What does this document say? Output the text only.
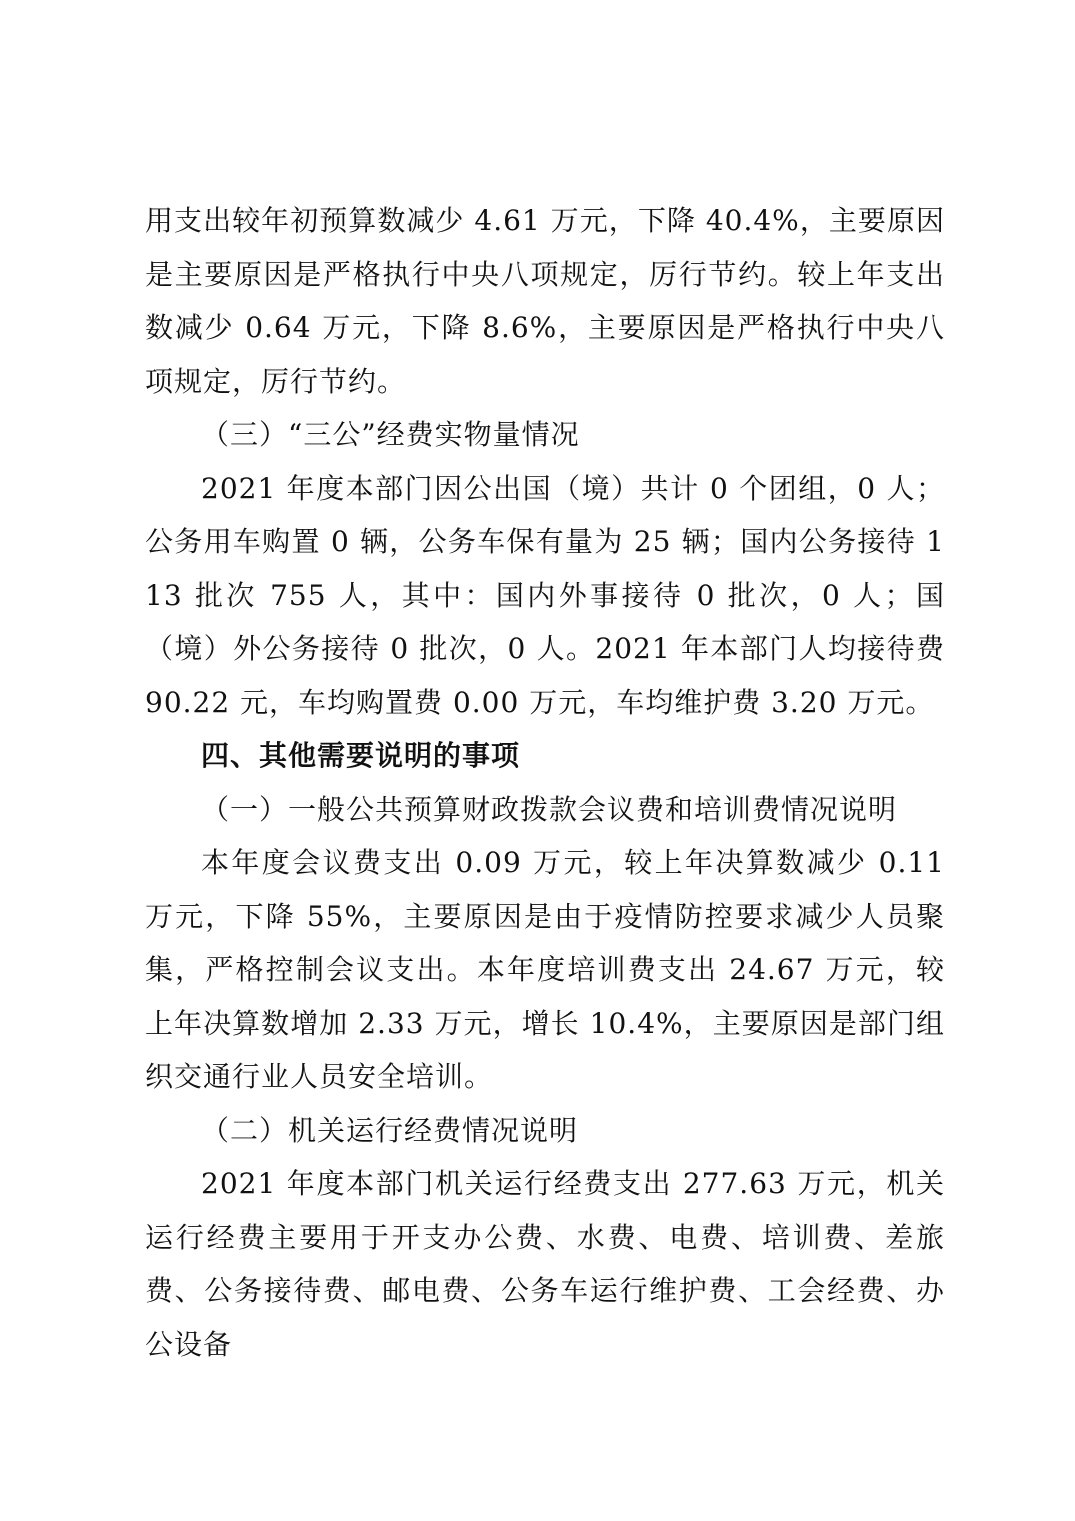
用支出较年初预算数减少 4.61 万元，下降 40.4%，主要原因是主要原因是严格执行中央八项规定，厉行节约。较上年支出数减少 0.64 万元，下降 8.6%，主要原因是严格执行中央八项规定，厉行节约。

（三）“三公”经费实物量情况

2021 年度本部门因公出国（境）共计 0 个团组，0 人；公务用车购置 0 辆，公务车保有量为 25 辆；国内公务接待 113 批次 755 人，其中：国内外事接待 0 批次，0 人；国（境）外公务接待 0 批次，0 人。2021 年本部门人均接待费 90.22 元，车均购置费 0.00 万元，车均维护费 3.20 万元。

四、其他需要说明的事项

（一）一般公共预算财政拨款会议费和培训费情况说明

本年度会议费支出 0.09 万元，较上年决算数减少 0.11 万元，下降 55%，主要原因是由于疫情防控要求减少人员聚集，严格控制会议支出。本年度培训费支出 24.67 万元，较上年决算数增加 2.33 万元，增长 10.4%，主要原因是部门组织交通行业人员安全培训。

（二）机关运行经费情况说明

2021 年度本部门机关运行经费支出 277.63 万元，机关运行经费主要用于开支办公费、水费、电费、培训费、差旅费、公务接待费、邮电费、公务车运行维护费、工会经费、办公设备
